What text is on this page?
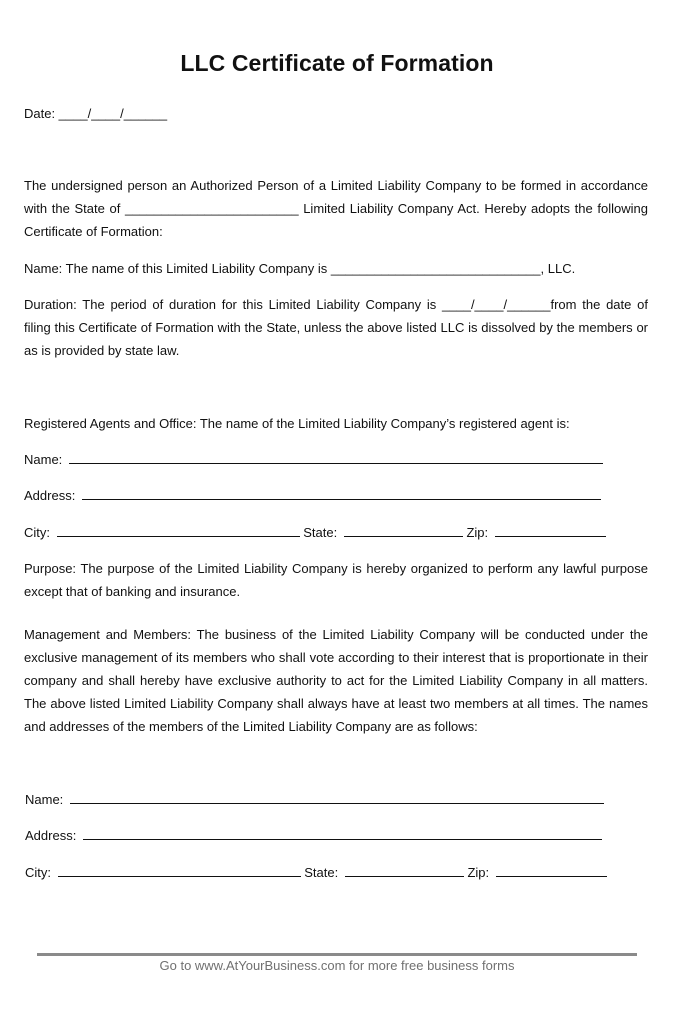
LLC Certificate of Formation
Date: ____/____/______
The undersigned person an Authorized Person of a Limited Liability Company to be formed in accordance with the State of ________________________ Limited Liability Company Act. Hereby adopts the following Certificate of Formation:
Name: The name of this Limited Liability Company is _____________________________, LLC.
Duration: The period of duration for this Limited Liability Company is ____/____/______from the date of filing this Certificate of Formation with the State, unless the above listed LLC is dissolved by the members or as is provided by state law.
Registered Agents and Office: The name of the Limited Liability Company’s registered agent is:
Name:
Address:
City:	State:	Zip:
Purpose: The purpose of the Limited Liability Company is hereby organized to perform any lawful purpose except that of banking and insurance.
Management and Members: The business of the Limited Liability Company will be conducted under the exclusive management of its members who shall vote according to their interest that is proportionate in their company and shall hereby have exclusive authority to act for the Limited Liability Company in all matters. The above listed Limited Liability Company shall always have at least two members at all times. The names and addresses of the members of the Limited Liability Company are as follows:
Name:
Address:
City:	State:	Zip:
Go to www.AtYourBusiness.com for more free business forms
